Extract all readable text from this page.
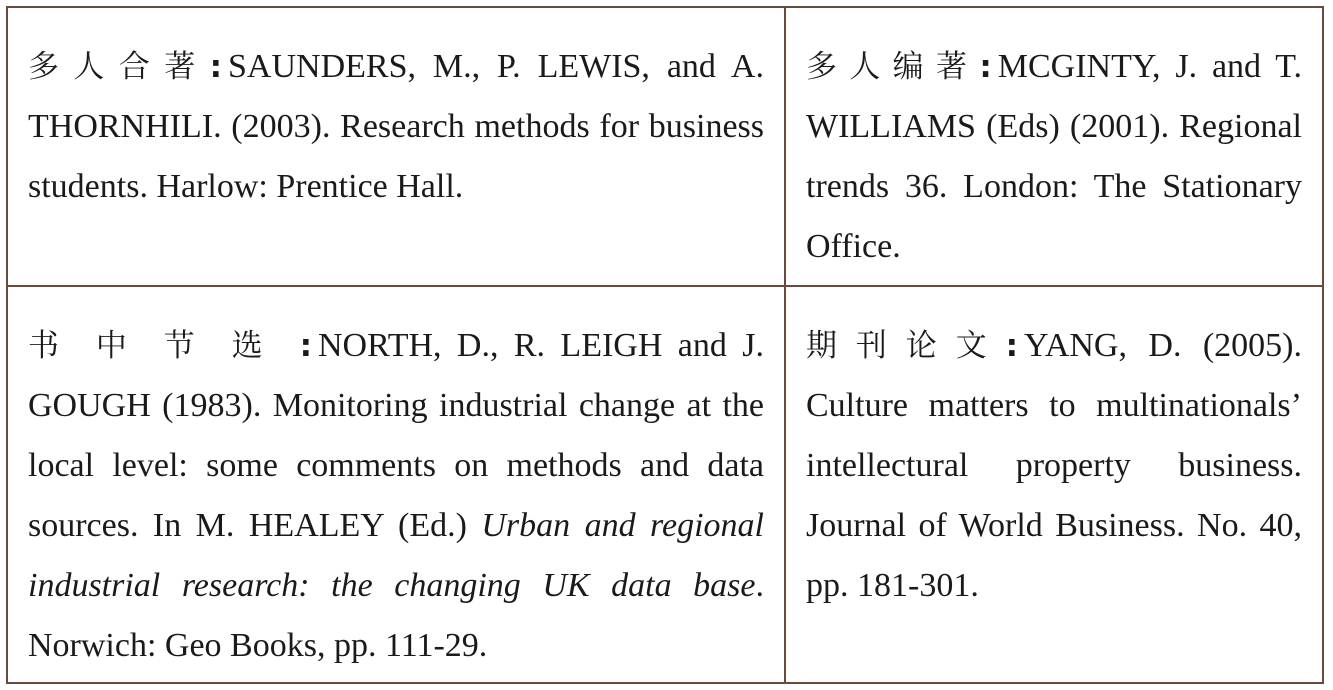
多人合著: SAUNDERS, M., P. LEWIS, and A. THORNHILI. (2003). Research methods for business students. Harlow: Prentice Hall.

多人编著: MCGINTY, J. and T. WILLIAMS (Eds) (2001). Regional trends 36. London: The Stationary Office.

书中节选: NORTH, D., R. LEIGH and J. GOUGH (1983). Monitoring industrial change at the local level: some comments on methods and data sources. In M. HEALEY (Ed.) Urban and regional industrial research: the changing UK data base. Norwich: Geo Books, pp. 111-29.

期刊论文: YANG, D. (2005). Culture matters to multinationals’ intellectural property business. Journal of World Business. No. 40, pp. 181-301.
